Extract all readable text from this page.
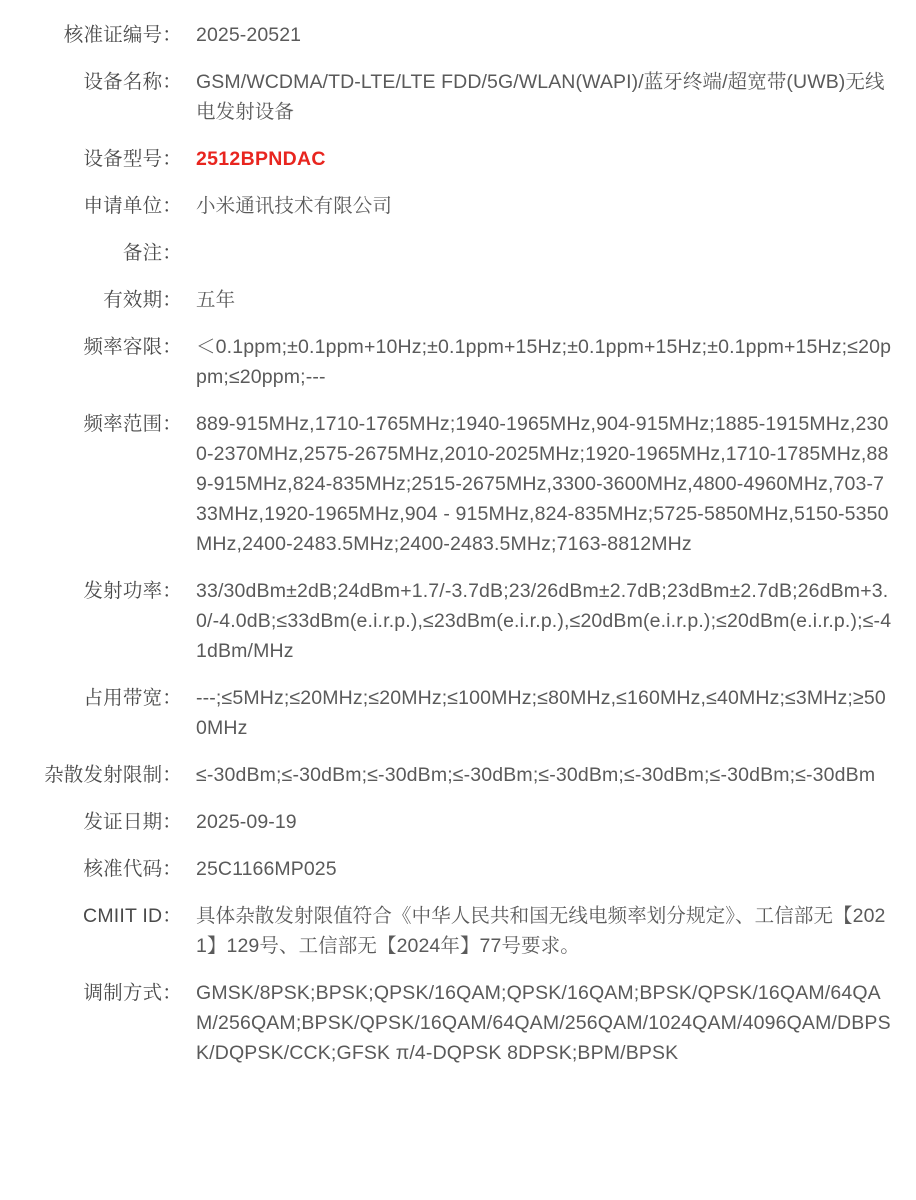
核准证编号： 2025-20521
设备名称： GSM/WCDMA/TD-LTE/LTE FDD/5G/WLAN(WAPI)/蓝牙终端/超宽带(UWB)无线电发射设备
设备型号： 2512BPNDAC
申请单位： 小米通讯技术有限公司
备注：
有效期： 五年
频率容限： ＜0.1ppm;±0.1ppm+10Hz;±0.1ppm+15Hz;±0.1ppm+15Hz;±0.1ppm+15Hz;≤20ppm;≤20ppm;---
频率范围： 889-915MHz,1710-1765MHz;1940-1965MHz,904-915MHz;1885-1915MHz,2300-2370MHz,2575-2675MHz,2010-2025MHz;1920-1965MHz,1710-1785MHz,889-915MHz,824-835MHz;2515-2675MHz,3300-3600MHz,4800-4960MHz,703-733MHz,1920-1965MHz,904 - 915MHz,824-835MHz;5725-5850MHz,5150-5350MHz,2400-2483.5MHz;2400-2483.5MHz;7163-8812MHz
发射功率： 33/30dBm±2dB;24dBm+1.7/-3.7dB;23/26dBm±2.7dB;23dBm±2.7dB;26dBm+3.0/-4.0dB;≤33dBm(e.i.r.p.),≤23dBm(e.i.r.p.),≤20dBm(e.i.r.p.);≤20dBm(e.i.r.p.);≤-41dBm/MHz
占用带宽： ---;≤5MHz;≤20MHz;≤20MHz;≤100MHz;≤80MHz,≤160MHz,≤40MHz;≤3MHz;≥500MHz
杂散发射限制： ≤-30dBm;≤-30dBm;≤-30dBm;≤-30dBm;≤-30dBm;≤-30dBm;≤-30dBm;≤-30dBm
发证日期： 2025-09-19
核准代码： 25C1166MP025
CMIIT ID： 具体杂散发射限值符合《中华人民共和国无线电频率划分规定》、工信部无【2021】129号、工信部无【2024年】77号要求。
调制方式： GMSK/8PSK;BPSK;QPSK/16QAM;QPSK/16QAM;BPSK/QPSK/16QAM/64QAM/256QAM;BPSK/QPSK/16QAM/64QAM/256QAM/1024QAM/4096QAM/DBPSK/DQPSK/CCK;GFSK π/4-DQPSK 8DPSK;BPM/BPSK
